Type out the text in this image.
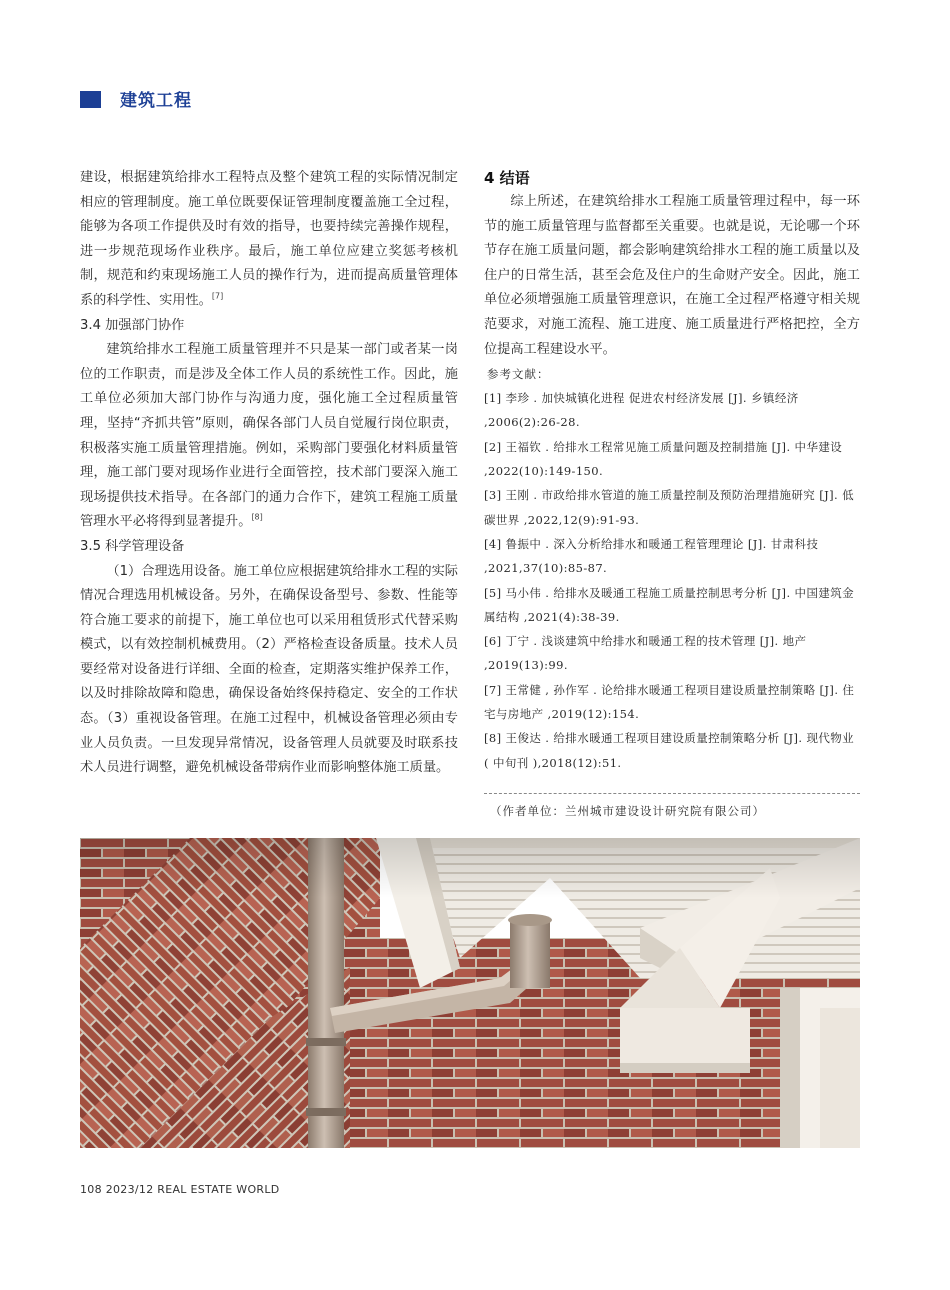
建筑工程

建设，根据建筑给排水工程特点及整个建筑工程的实际情况制定相应的管理制度。施工单位既要保证管理制度覆盖施工全过程，能够为各项工作提供及时有效的指导，也要持续完善操作规程，进一步规范现场作业秩序。最后，施工单位应建立奖惩考核机制，规范和约束现场施工人员的操作行为，进而提高质量管理体系的科学性、实用性。[7]

3.4 加强部门协作

建筑给排水工程施工质量管理并不只是某一部门或者某一岗位的工作职责，而是涉及全体工作人员的系统性工作。因此，施工单位必须加大部门协作与沟通力度，强化施工全过程质量管理，坚持“齐抓共管”原则，确保各部门人员自觉履行岗位职责，积极落实施工质量管理措施。例如，采购部门要强化材料质量管理，施工部门要对现场作业进行全面管控，技术部门要深入施工现场提供技术指导。在各部门的通力合作下，建筑工程施工质量管理水平必将得到显著提升。[8]

3.5 科学管理设备

（1）合理选用设备。施工单位应根据建筑给排水工程的实际情况合理选用机械设备。另外，在确保设备型号、参数、性能等符合施工要求的前提下，施工单位也可以采用租赁形式代替采购模式，以有效控制机械费用。（2）严格检查设备质量。技术人员要经常对设备进行详细、全面的检查，定期落实维护保养工作，以及时排除故障和隐患，确保设备始终保持稳定、安全的工作状态。（3）重视设备管理。在施工过程中，机械设备管理必须由专业人员负责。一旦发现异常情况，设备管理人员就要及时联系技术人员进行调整，避免机械设备带病作业而影响整体施工质量。

4 结语

综上所述，在建筑给排水工程施工质量管理过程中，每一环节的施工质量管理与监督都至关重要。也就是说，无论哪一个环节存在施工质量问题，都会影响建筑给排水工程的施工质量以及住户的日常生活，甚至会危及住户的生命财产安全。因此，施工单位必须增强施工质量管理意识，在施工全过程严格遵守相关规范要求，对施工流程、施工进度、施工质量进行严格把控，全方位提高工程建设水平。

参考文献：

[1] 李珍 . 加快城镇化进程 促进农村经济发展 [J]. 乡镇经济 ,2006(2):26-28.

[2] 王福钦 . 给排水工程常见施工质量问题及控制措施 [J]. 中华建设 ,2022(10):149-150.

[3] 王刚 . 市政给排水管道的施工质量控制及预防治理措施研究 [J]. 低碳世界 ,2022,12(9):91-93.

[4] 鲁振中 . 深入分析给排水和暖通工程管理理论 [J]. 甘肃科技 ,2021,37(10):85-87.

[5] 马小伟 . 给排水及暖通工程施工质量控制思考分析 [J]. 中国建筑金属结构 ,2021(4):38-39.

[6] 丁宁 . 浅谈建筑中给排水和暖通工程的技术管理 [J]. 地产 ,2019(13):99.

[7] 王常健 , 孙作军 . 论给排水暖通工程项目建设质量控制策略 [J]. 住宅与房地产 ,2019(12):154.

[8] 王俊达 . 给排水暖通工程项目建设质量控制策略分析 [J]. 现代物业 ( 中旬刊 ),2018(12):51.

（作者单位：兰州城市建设设计研究院有限公司）
108 2023/12 REAL ESTATE WORLD
